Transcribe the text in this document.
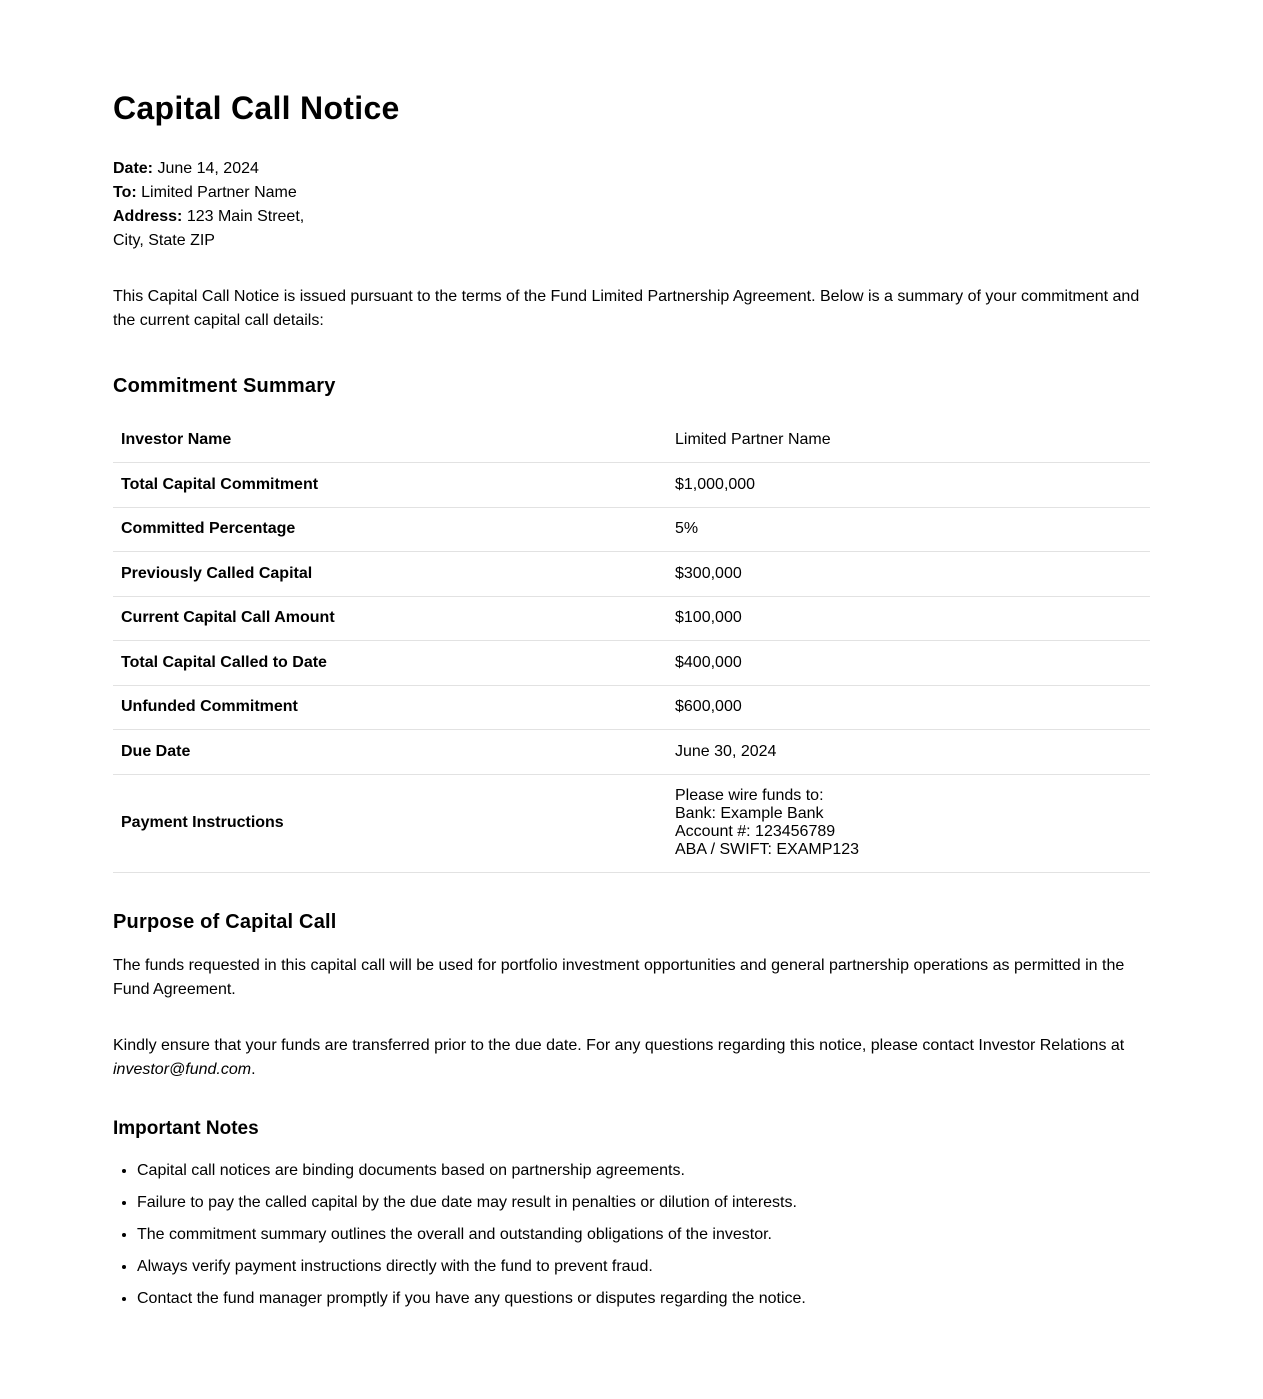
Capital Call Notice
Date: June 14, 2024
To: Limited Partner Name
Address: 123 Main Street,
City, State ZIP

This Capital Call Notice is issued pursuant to the terms of the Fund Limited Partnership Agreement. Below is a summary of your commitment and the current capital call details:

Commitment Summary
Investor Name	Limited Partner Name
Total Capital Commitment	$1,000,000
Committed Percentage	5%
Previously Called Capital	$300,000
Current Capital Call Amount	$100,000
Total Capital Called to Date	$400,000
Unfunded Commitment	$600,000
Due Date	June 30, 2024
Payment Instructions	Please wire funds to:
Bank: Example Bank
Account #: 123456789
ABA / SWIFT: EXAMP123
Purpose of Capital Call

The funds requested in this capital call will be used for portfolio investment opportunities and general partnership operations as permitted in the Fund Agreement.

Kindly ensure that your funds are transferred prior to the due date. For any questions regarding this notice, please contact Investor Relations at investor@fund.com.

Important Notes
• Capital call notices are binding documents based on partnership agreements.
• Failure to pay the called capital by the due date may result in penalties or dilution of interests.
• The commitment summary outlines the overall and outstanding obligations of the investor.
• Always verify payment instructions directly with the fund to prevent fraud.
• Contact the fund manager promptly if you have any questions or disputes regarding the notice.
